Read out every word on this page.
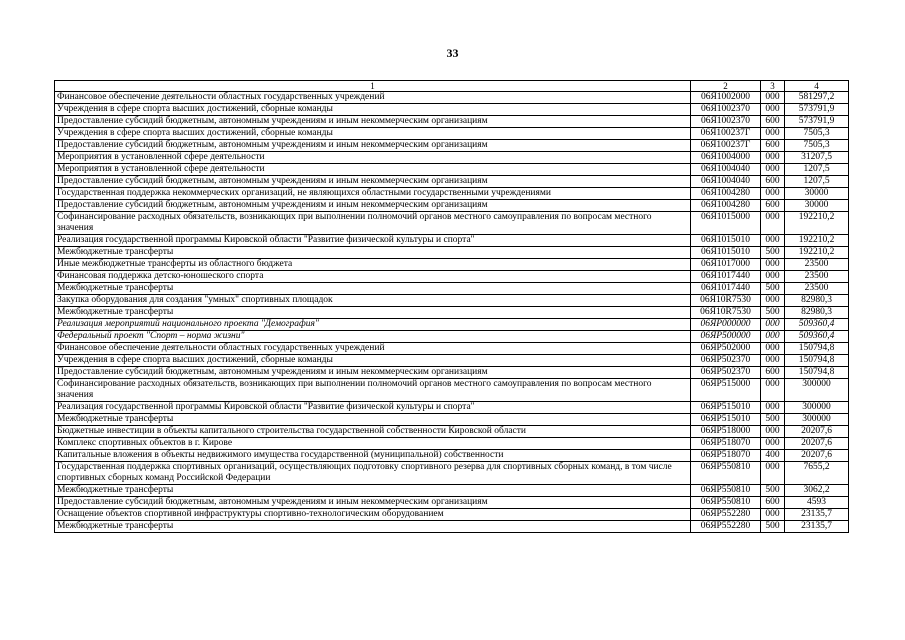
33
1	2	3	4
Финансовое обеспечение деятельности областных государственных учреждений	06Я1002000	000	581297,2
Учреждения в сфере спорта высших достижений, сборные команды	06Я1002370	000	573791,9
Предоставление субсидий бюджетным, автономным учреждениям и иным некоммерческим организациям	06Я1002370	600	573791,9
Учреждения в сфере спорта высших достижений, сборные команды	06Я100237Г	000	7505,3
Предоставление субсидий бюджетным, автономным учреждениям и иным некоммерческим организациям	06Я100237Г	600	7505,3
Мероприятия в установленной сфере деятельности	06Я1004000	000	31207,5
Мероприятия в установленной сфере деятельности	06Я1004040	000	1207,5
Предоставление субсидий бюджетным, автономным учреждениям и иным некоммерческим организациям	06Я1004040	600	1207,5
Государственная поддержка некоммерческих организаций, не являющихся областными государственными учреждениями	06Я1004280	000	30000
Предоставление субсидий бюджетным, автономным учреждениям и иным некоммерческим организациям	06Я1004280	600	30000
Софинансирование расходных обязательств, возникающих при выполнении полномочий органов местного самоуправления по вопросам местного значения	06Я1015000	000	192210,2
Реализация государственной программы Кировской области "Развитие физической культуры и спорта"	06Я1015010	000	192210,2
Межбюджетные трансферты	06Я1015010	500	192210,2
Иные межбюджетные трансферты из областного бюджета	06Я1017000	000	23500
Финансовая поддержка детско-юношеского спорта	06Я1017440	000	23500
Межбюджетные трансферты	06Я1017440	500	23500
Закупка оборудования для создания "умных" спортивных площадок	06Я10R7530	000	82980,3
Межбюджетные трансферты	06Я10R7530	500	82980,3
Реализация мероприятий национального проекта "Демография"	06ЯР000000	000	509360,4
Федеральный проект "Спорт – норма жизни"	06ЯР500000	000	509360,4
Финансовое обеспечение деятельности областных государственных учреждений	06ЯР502000	000	150794,8
Учреждения в сфере спорта высших достижений, сборные команды	06ЯР502370	000	150794,8
Предоставление субсидий бюджетным, автономным учреждениям и иным некоммерческим организациям	06ЯР502370	600	150794,8
Софинансирование расходных обязательств, возникающих при выполнении полномочий органов местного самоуправления по вопросам местного значения	06ЯР515000	000	300000
Реализация государственной программы Кировской области "Развитие физической культуры и спорта"	06ЯР515010	000	300000
Межбюджетные трансферты	06ЯР515010	500	300000
Бюджетные инвестиции в объекты капитального строительства государственной собственности Кировской области	06ЯР518000	000	20207,6
Комплекс спортивных объектов в г. Кирове	06ЯР518070	000	20207,6
Капитальные вложения в объекты недвижимого имущества государственной (муниципальной) собственности	06ЯР518070	400	20207,6
Государственная поддержка спортивных организаций, осуществляющих подготовку спортивного резерва для спортивных сборных команд, в том числе спортивных сборных команд Российской Федерации	06ЯР550810	000	7655,2
Межбюджетные трансферты	06ЯР550810	500	3062,2
Предоставление субсидий бюджетным, автономным учреждениям и иным некоммерческим организациям	06ЯР550810	600	4593
Оснащение объектов спортивной инфраструктуры спортивно-технологическим оборудованием	06ЯР552280	000	23135,7
Межбюджетные трансферты	06ЯР552280	500	23135,7
